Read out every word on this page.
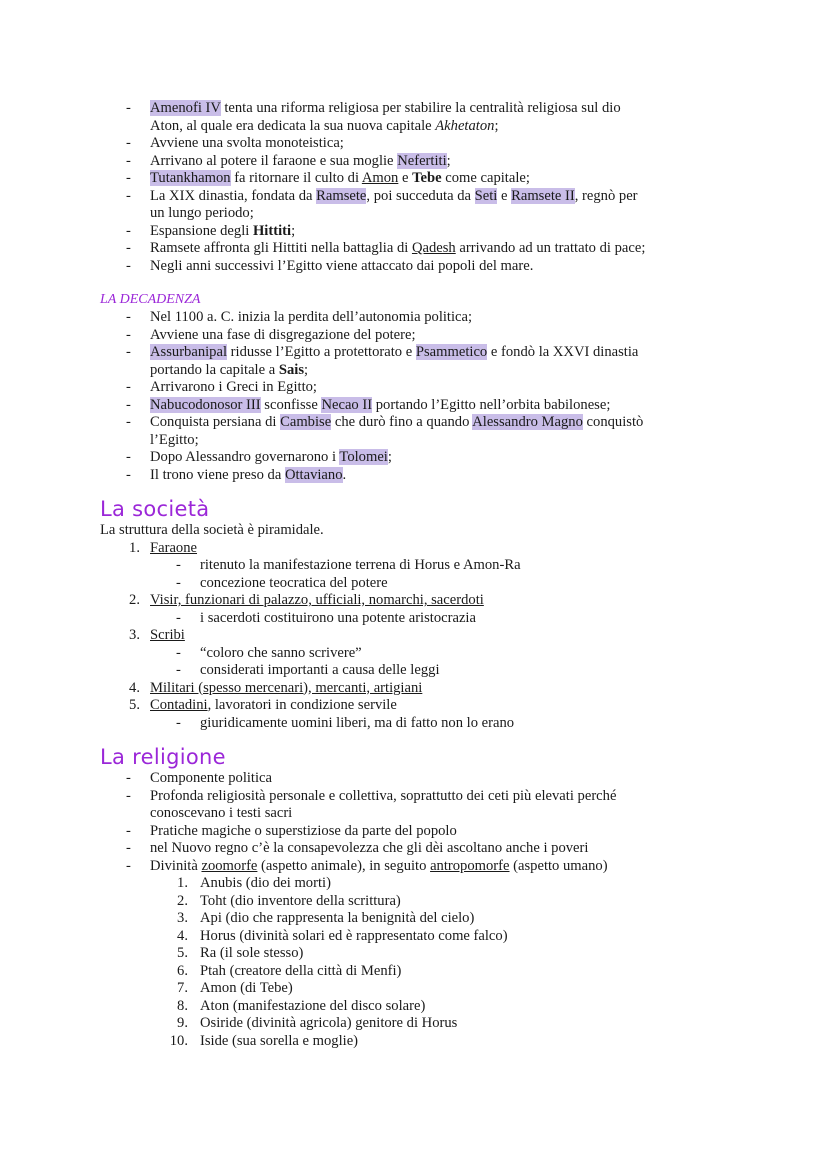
- Amenofi IV tenta una riforma religiosa per stabilire la centralità religiosa sul dio
Aton, al quale era dedicata la sua nuova capitale Akhetaton;
- Avviene una svolta monoteistica;
- Arrivano al potere il faraone e sua moglie Nefertiti;
- Tutankhamon fa ritornare il culto di Amon e Tebe come capitale;
- La XIX dinastia, fondata da Ramsete, poi succeduta da Seti e Ramsete II, regnò per
un lungo periodo;
- Espansione degli Hittiti;
- Ramsete affronta gli Hittiti nella battaglia di Qadesh arrivando ad un trattato di pace;
- Negli anni successivi l’Egitto viene attaccato dai popoli del mare.
LA DECADENZA
- Nel 1100 a. C. inizia la perdita dell’autonomia politica;
- Avviene una fase di disgregazione del potere;
- Assurbanipal ridusse l’Egitto a protettorato e Psammetico e fondò la XXVI dinastia
portando la capitale a Sais;
- Arrivarono i Greci in Egitto;
- Nabucodonosor III sconfisse Necao II portando l’Egitto nell’orbita babilonese;
- Conquista persiana di Cambise che durò fino a quando Alessandro Magno conquistò
l’Egitto;
- Dopo Alessandro governarono i Tolomei;
- Il trono viene preso da Ottaviano.
La società
La struttura della società è piramidale.
1. Faraone
- ritenuto la manifestazione terrena di Horus e Amon-Ra
- concezione teocratica del potere
2. Visir, funzionari di palazzo, ufficiali, nomarchi, sacerdoti
- i sacerdoti costituirono una potente aristocrazia
3. Scribi
- “coloro che sanno scrivere”
- considerati importanti a causa delle leggi
4. Militari (spesso mercenari), mercanti, artigiani
5. Contadini, lavoratori in condizione servile
- giuridicamente uomini liberi, ma di fatto non lo erano
La religione
- Componente politica
- Profonda religiosità personale e collettiva, soprattutto dei ceti più elevati perché
conoscevano i testi sacri
- Pratiche magiche o superstiziose da parte del popolo
- nel Nuovo regno c’è la consapevolezza che gli dèi ascoltano anche i poveri
- Divinità zoomorfe (aspetto animale), in seguito antropomorfe (aspetto umano)
1. Anubis (dio dei morti)
2. Toht (dio inventore della scrittura)
3. Api (dio che rappresenta la benignità del cielo)
4. Horus (divinità solari ed è rappresentato come falco)
5. Ra (il sole stesso)
6. Ptah (creatore della città di Menfi)
7. Amon (di Tebe)
8. Aton (manifestazione del disco solare)
9. Osiride (divinità agricola) genitore di Horus
10. Iside (sua sorella e moglie)
